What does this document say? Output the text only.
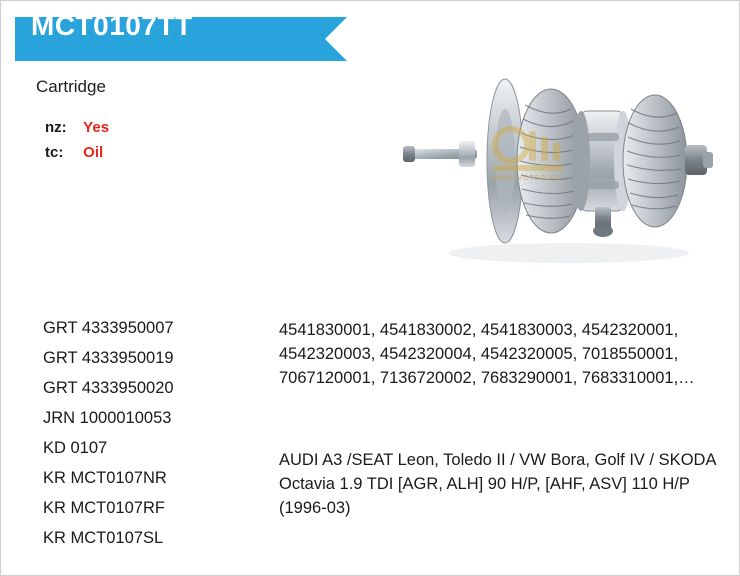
MCT0107TT
Cartridge
nz: Yes
tc: Oil
WWW.VCTEG.RU
GRT 4333950007
GRT 4333950019
GRT 4333950020
JRN 1000010053
KD 0107
KR MCT0107NR
KR MCT0107RF
KR MCT0107SL
4541830001, 4541830002, 4541830003, 4542320001, 4542320003, 4542320004, 4542320005, 7018550001, 7067120001, 7136720002, 7683290001, 7683310001,…
AUDI A3 /SEAT Leon, Toledo II / VW Bora, Golf IV / SKODA Octavia 1.9 TDI [AGR, ALH] 90 H/P, [AHF, ASV] 110 H/P (1996-03)
